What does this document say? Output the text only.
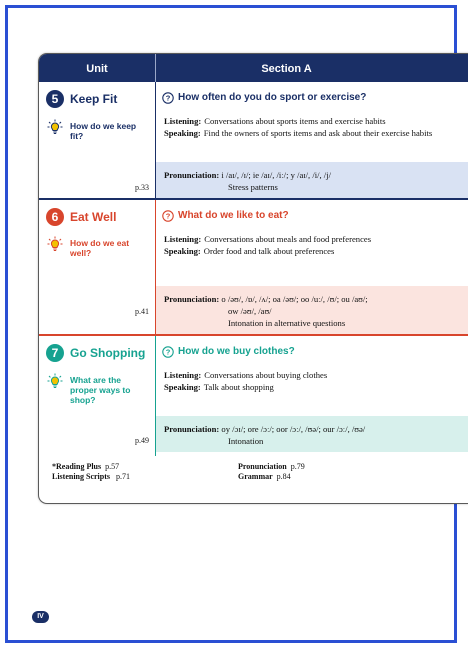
Unit	Section A
5 Keep Fit
How do we keep fit?
p.33
? How often do you do sport or exercise?
Listening: Conversations about sports items and exercise habits
Speaking: Find the owners of sports items and ask about their exercise habits
Pronunciation: i /aɪ/, /ɪ/; ie /aɪ/, /iː/; y /aɪ/, /i/, /j/
Stress patterns
6 Eat Well
How do we eat well?
p.41
? What do we like to eat?
Listening: Conversations about meals and food preferences
Speaking: Order food and talk about preferences
Pronunciation: o /əʊ/, /ɒ/, /ʌ/; oa /əʊ/; oo /uː/, /ʊ/; ou /aʊ/;
ow /əʊ/, /aʊ/
Intonation in alternative questions
7 Go Shopping
What are the proper ways to shop?
p.49
? How do we buy clothes?
Listening: Conversations about buying clothes
Speaking: Talk about shopping
Pronunciation: oy /ɔɪ/; ore /ɔː/; oor /ɔː/, /ʊə/; our /ɔː/, /ʊə/
Intonation
*Reading Plus p.57
Listening Scripts p.71
Pronunciation p.79
Grammar p.84
IV
